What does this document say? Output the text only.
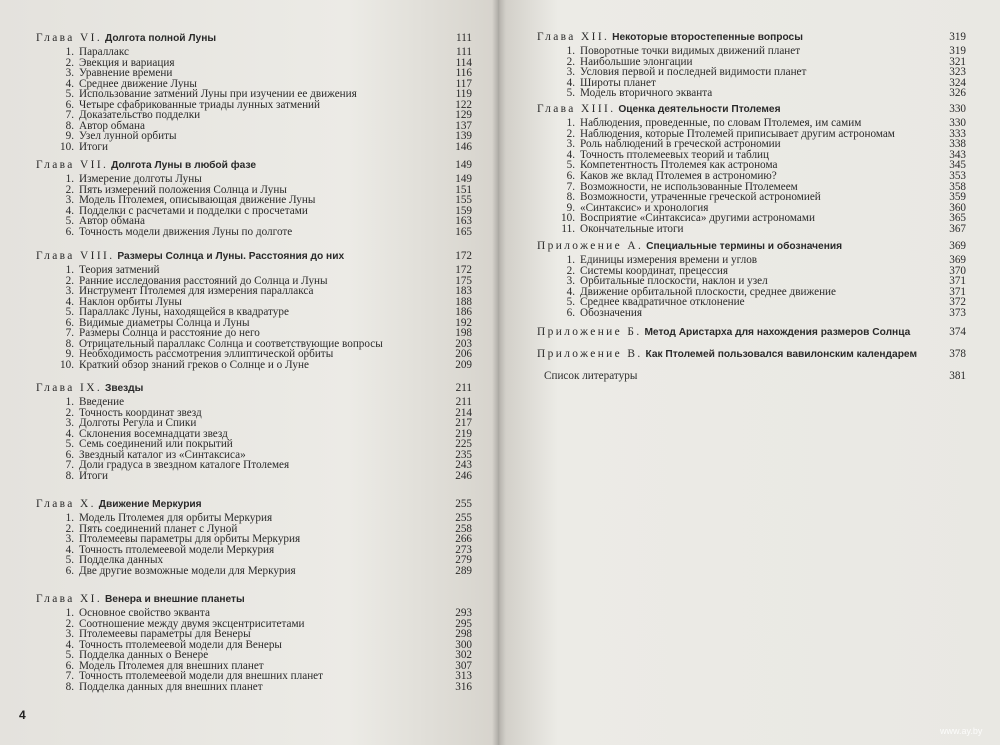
Глава VI. Долгота полной Луны	111
1. Параллакс	111
2. Эвекция и вариация	114
3. Уравнение времени	116
4. Среднее движение Луны	117
5. Использование затмений Луны при изучении ее движения	119
6. Четыре сфабрикованные триады лунных затмений	122
7. Доказательство подделки	129
8. Автор обмана	137
9. Узел лунной орбиты	139
10. Итоги	146
Глава VII. Долгота Луны в любой фазе	149
1. Измерение долготы Луны	149
2. Пять измерений положения Солнца и Луны	151
3. Модель Птолемея, описывающая движение Луны	155
4. Подделки с расчетами и подделки с просчетами	159
5. Автор обмана	163
6. Точность модели движения Луны по долготе	165
Глава VIII. Размеры Солнца и Луны. Расстояния до них	172
1. Теория затмений	172
2. Ранние исследования расстояний до Солнца и Луны	175
3. Инструмент Птолемея для измерения параллакса	183
4. Наклон орбиты Луны	188
5. Параллакс Луны, находящейся в квадратуре	186
6. Видимые диаметры Солнца и Луны	192
7. Размеры Солнца и расстояние до него	198
8. Отрицательный параллакс Солнца и соответствующие вопросы	203
9. Необходимость рассмотрения эллиптической орбиты	206
10. Краткий обзор знаний греков о Солнце и о Луне	209
Глава IX. Звезды	211
1. Введение	211
2. Точность координат звезд	214
3. Долготы Регула и Спики	217
4. Склонения восемнадцати звезд	219
5. Семь соединений или покрытий	225
6. Звездный каталог из «Синтаксиса»	235
7. Доли градуса в звездном каталоге Птолемея	243
8. Итоги	246
Глава X. Движение Меркурия	255
1. Модель Птолемея для орбиты Меркурия	255
2. Пять соединений планет с Луной	258
3. Птолемеевы параметры для орбиты Меркурия	266
4. Точность птолемеевой модели Меркурия	273
5. Подделка данных	279
6. Две другие возможные модели для Меркурия	289
Глава XI. Венера и внешние планеты
1. Основное свойство экванта	293
2. Соотношение между двумя эксцентриситетами	295
3. Птолемеевы параметры для Венеры	298
4. Точность птолемеевой модели для Венеры	300
5. Подделка данных о Венере	302
6. Модель Птолемея для внешних планет	307
7. Точность птолемеевой модели для внешних планет	313
8. Подделка данных для внешних планет	316
Глава XII. Некоторые второстепенные вопросы	319
1. Поворотные точки видимых движений планет	319
2. Наибольшие элонгации	321
3. Условия первой и последней видимости планет	323
4. Широты планет	324
5. Модель вторичного экванта	326
Глава XIII. Оценка деятельности Птолемея	330
1. Наблюдения, проведенные, по словам Птолемея, им самим	330
2. Наблюдения, которые Птолемей приписывает другим астрономам	333
3. Роль наблюдений в греческой астрономии	338
4. Точность птолемеевых теорий и таблиц	343
5. Компетентность Птолемея как астронома	345
6. Каков же вклад Птолемея в астрономию?	353
7. Возможности, не использованные Птолемеем	358
8. Возможности, утраченные греческой астрономией	359
9. «Синтаксис» и хронология	360
10. Восприятие «Синтаксиса» другими астрономами	365
11. Окончательные итоги	367
Приложение А. Специальные термины и обозначения	369
1. Единицы измерения времени и углов	369
2. Системы координат, прецессия	370
3. Орбитальные плоскости, наклон и узел	371
4. Движение орбитальной плоскости, среднее движение	371
5. Среднее квадратичное отклонение	372
6. Обозначения	373
Приложение Б. Метод Аристарха для нахождения размеров Солнца	374
Приложение В. Как Птолемей пользовался вавилонским календарем	378
Список литературы	381
4
www.ay.by
